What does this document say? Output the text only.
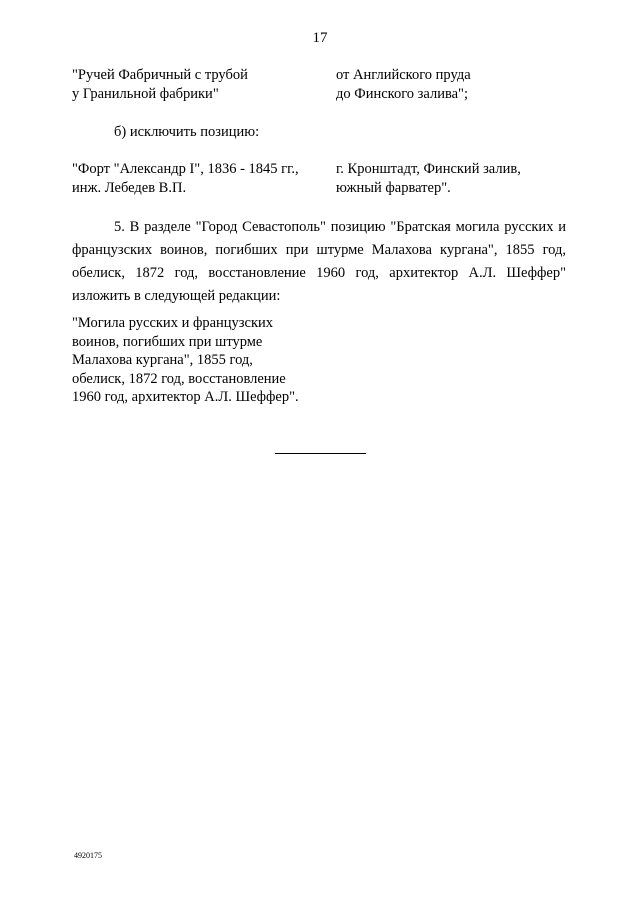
17
"Ручей Фабричный с трубой
у Гранильной фабрики"
от Английского пруда
до Финского залива";
б) исключить позицию:
"Форт "Александр I", 1836 - 1845 гг.,
инж. Лебедев В.П.
г. Кронштадт, Финский залив,
южный фарватер".
5. В разделе "Город Севастополь" позицию "Братская могила русских и французских воинов, погибших при штурме Малахова кургана", 1855 год, обелиск, 1872 год, восстановление 1960 год, архитектор А.Л. Шеффер" изложить в следующей редакции:
"Могила русских и французских
воинов, погибших при штурме
Малахова кургана", 1855 год,
обелиск, 1872 год, восстановление
1960 год, архитектор А.Л. Шеффер".
4920175
